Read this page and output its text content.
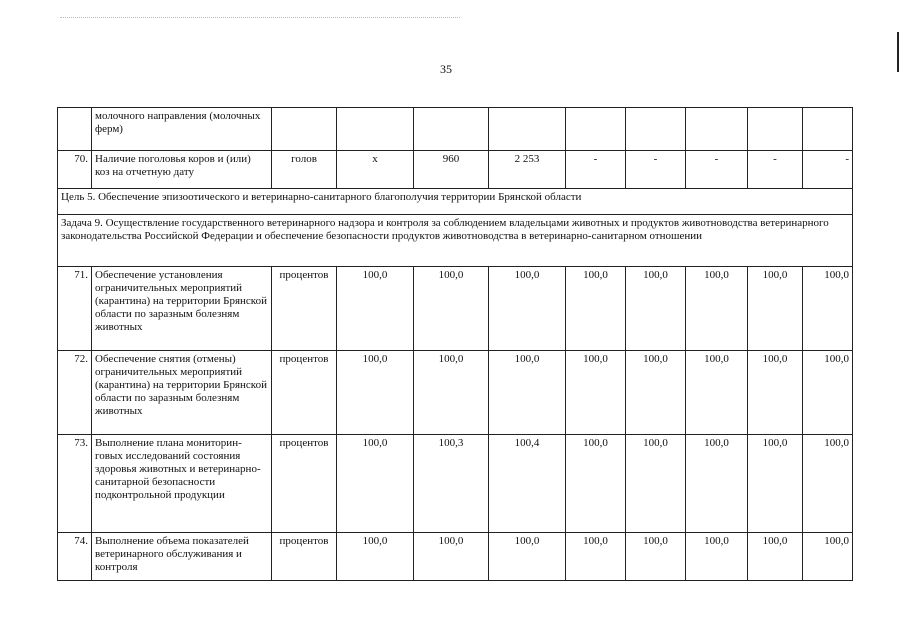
35
	молочного направления (молочных ферм)									
70.	Наличие поголовья коров и (или) коз на отчетную дату	голов	х	960	2 253	-	-	-	-	-
Цель 5. Обеспечение эпизоотического и ветеринарно-санитарного благополучия территории Брянской области										
Задача 9. Осуществление государственного ветеринарного надзора и контроля за соблюдением владельцами животных и продуктов животноводства ветеринарного законодательства Российской Федерации и обеспечение безопасности продуктов животноводства в ветеринарно-санитарном отношении										
71.	Обеспечение установления ограничительных мероприятий (карантина) на территории Брянской области по заразным болезням животных	процентов	100,0	100,0	100,0	100,0	100,0	100,0	100,0	100,0
72.	Обеспечение снятия (отмены) ограничительных мероприятий (карантина) на территории Брянской области по заразным болезням животных	процентов	100,0	100,0	100,0	100,0	100,0	100,0	100,0	100,0
73.	Выполнение плана мониторин-говых исследований состояния здоровья животных и ветеринарно-санитарной безопасности подконтрольной продукции	процентов	100,0	100,3	100,4	100,0	100,0	100,0	100,0	100,0
74.	Выполнение объема показателей ветеринарного обслуживания и контроля	процентов	100,0	100,0	100,0	100,0	100,0	100,0	100,0	100,0
